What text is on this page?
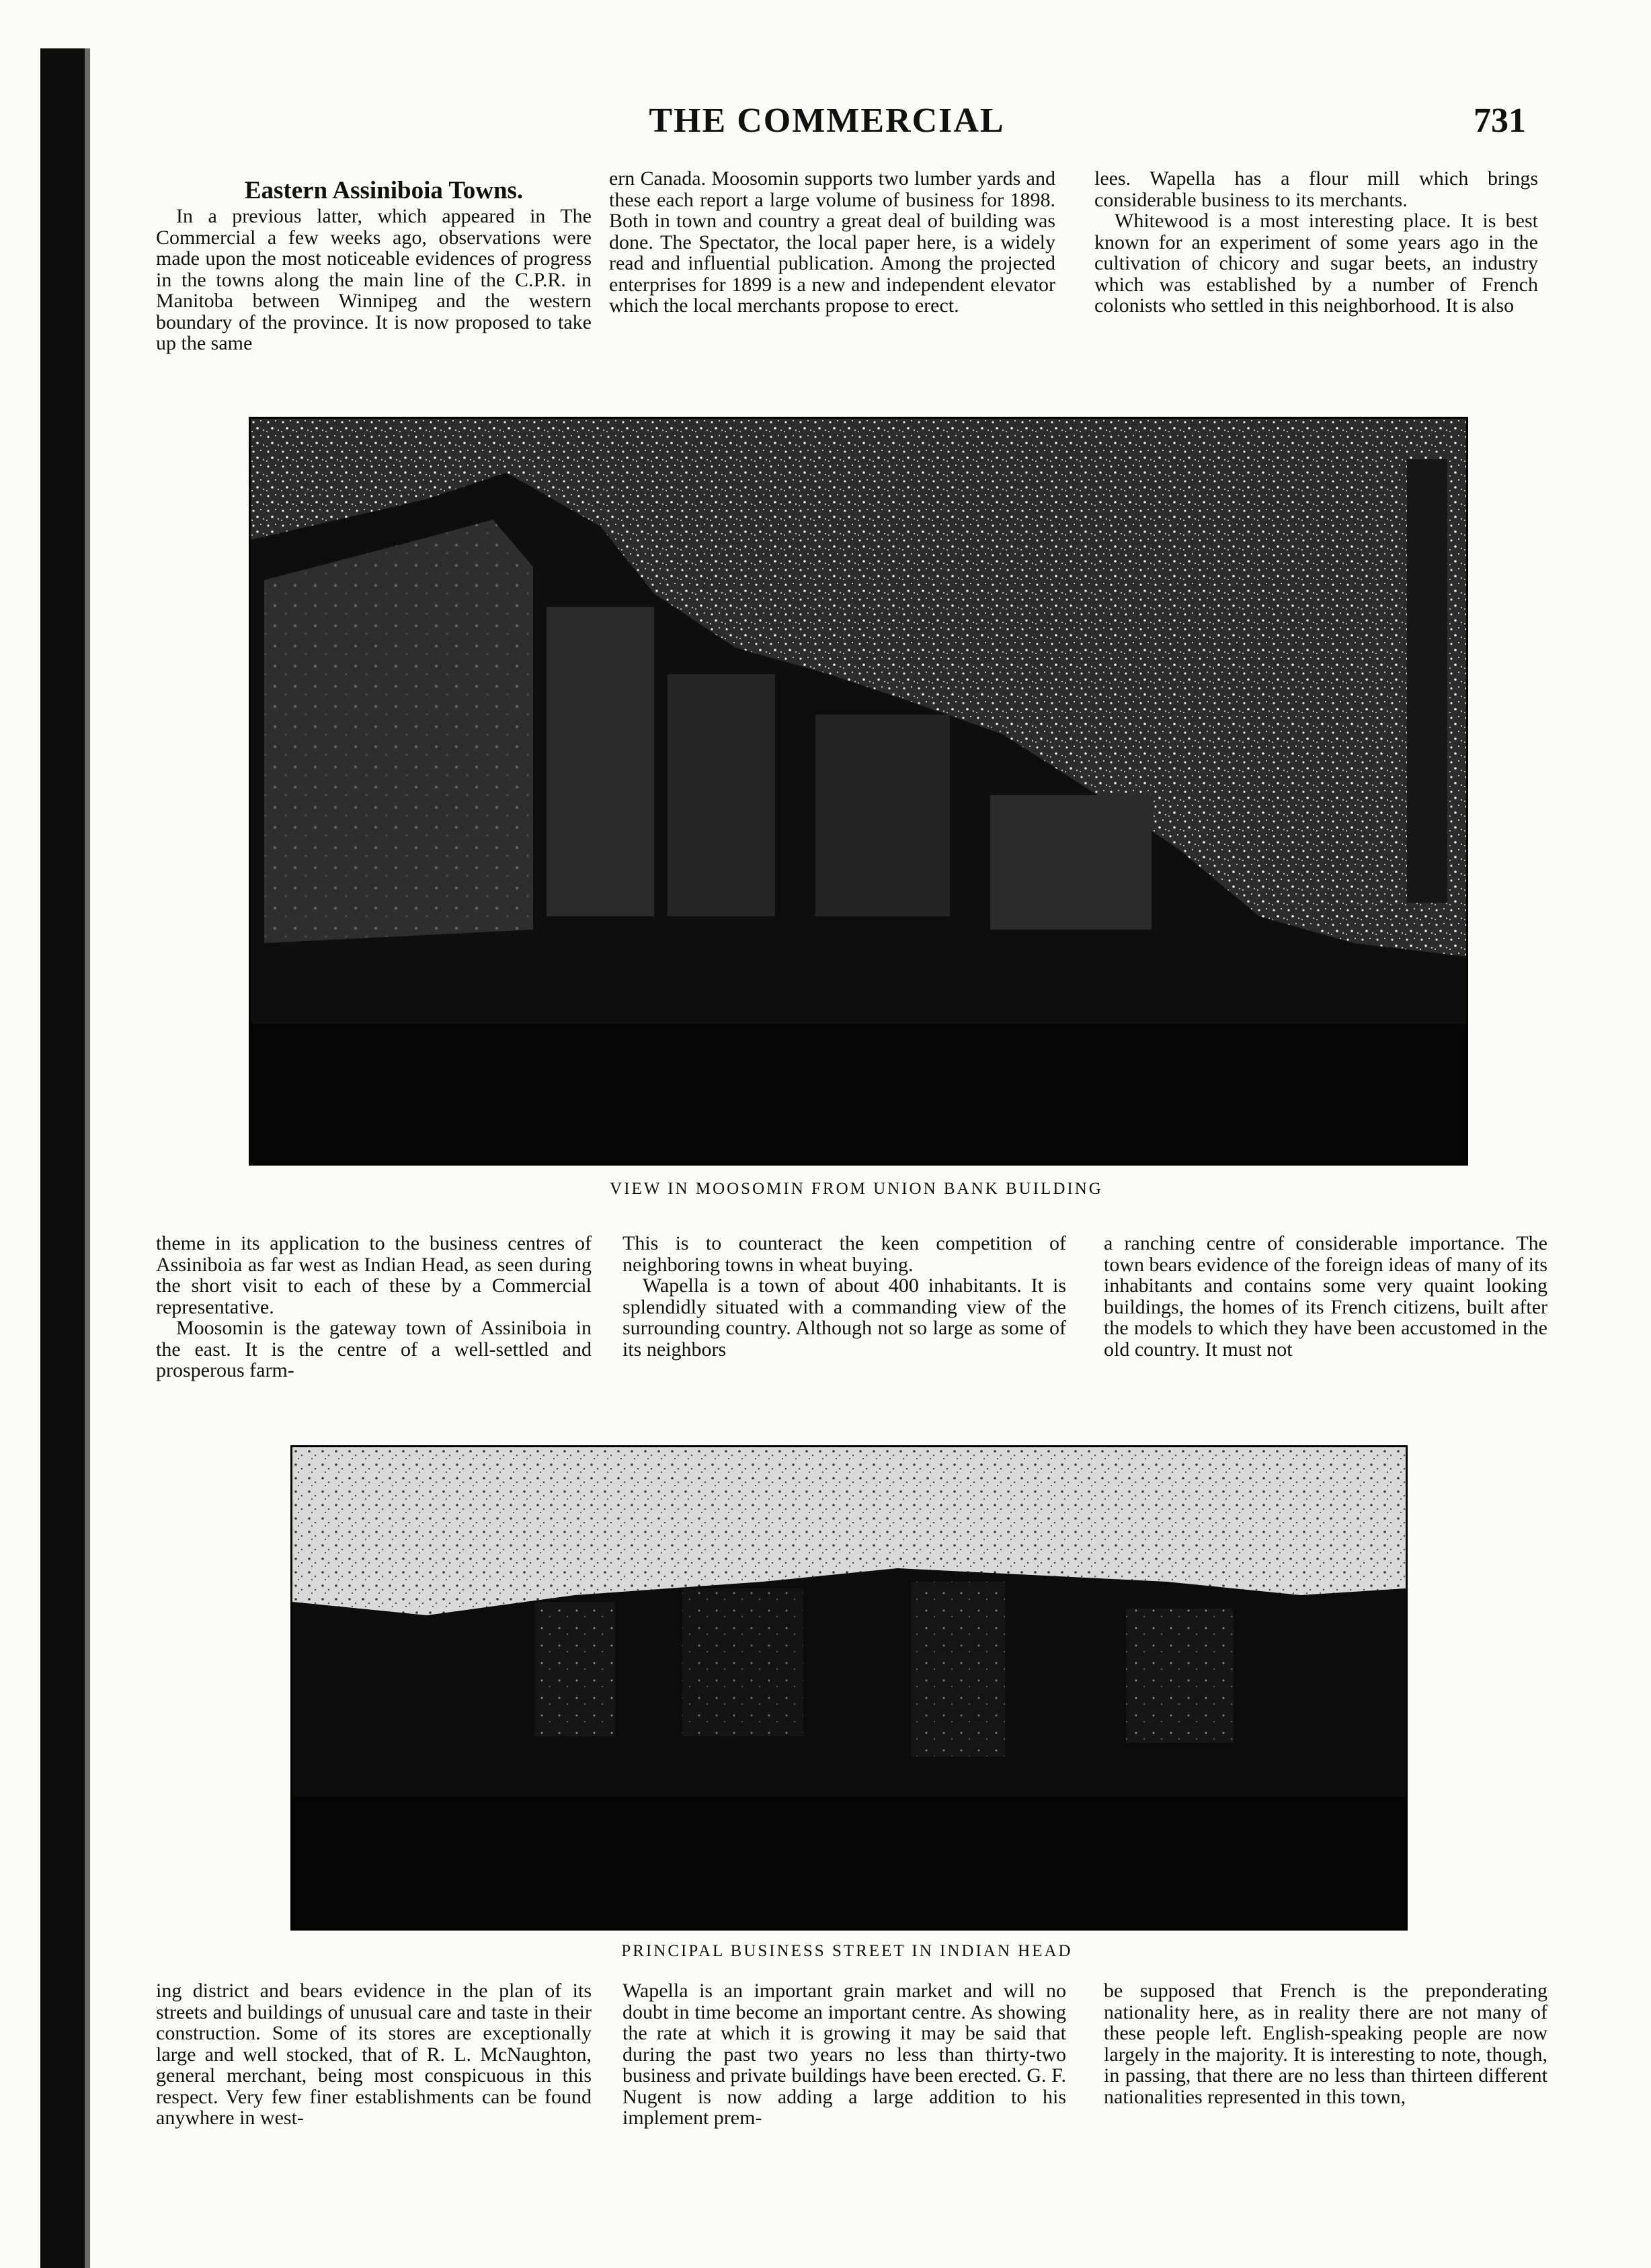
THE COMMERCIAL	731

Eastern Assiniboia Towns.

In a previous latter, which appeared in The Commercial a few weeks ago, observations were made upon the most noticeable evidences of progress in the towns along the main line of the C.P.R. in Manitoba between Winnipeg and the western boundary of the province. It is now proposed to take up the same

ern Canada. Moosomin supports two lumber yards and these each report a large volume of business for 1898. Both in town and country a great deal of building was done. The Spectator, the local paper here, is a widely read and influential publication. Among the projected enterprises for 1899 is a new and independent elevator which the local merchants propose to erect.

lees. Wapella has a flour mill which brings considerable business to its merchants.

Whitewood is a most interesting place. It is best known for an experiment of some years ago in the cultivation of chicory and sugar beets, an industry which was established by a number of French colonists who settled in this neighborhood. It is also

VIEW IN MOOSOMIN FROM UNION BANK BUILDING

theme in its application to the business centres of Assiniboia as far west as Indian Head, as seen during the short visit to each of these by a Commercial representative.

Moosomin is the gateway town of Assiniboia in the east. It is the centre of a well-settled and prosperous farm-

This is to counteract the keen competition of neighboring towns in wheat buying.

Wapella is a town of about 400 inhabitants. It is splendidly situated with a commanding view of the surrounding country. Although not so large as some of its neighbors

a ranching centre of considerable importance. The town bears evidence of the foreign ideas of many of its inhabitants and contains some very quaint looking buildings, the homes of its French citizens, built after the models to which they have been accustomed in the old country. It must not

PRINCIPAL BUSINESS STREET IN INDIAN HEAD

ing district and bears evidence in the plan of its streets and buildings of unusual care and taste in their construction. Some of its stores are exceptionally large and well stocked, that of R. L. McNaughton, general merchant, being most conspicuous in this respect. Very few finer establishments can be found anywhere in west-

Wapella is an important grain market and will no doubt in time become an important centre. As showing the rate at which it is growing it may be said that during the past two years no less than thirty-two business and private buildings have been erected. G. F. Nugent is now adding a large addition to his implement prem-

be supposed that French is the preponderating nationality here, as in reality there are not many of these people left. English-speaking people are now largely in the majority. It is interesting to note, though, in passing, that there are no less than thirteen different nationalities represented in this town,
